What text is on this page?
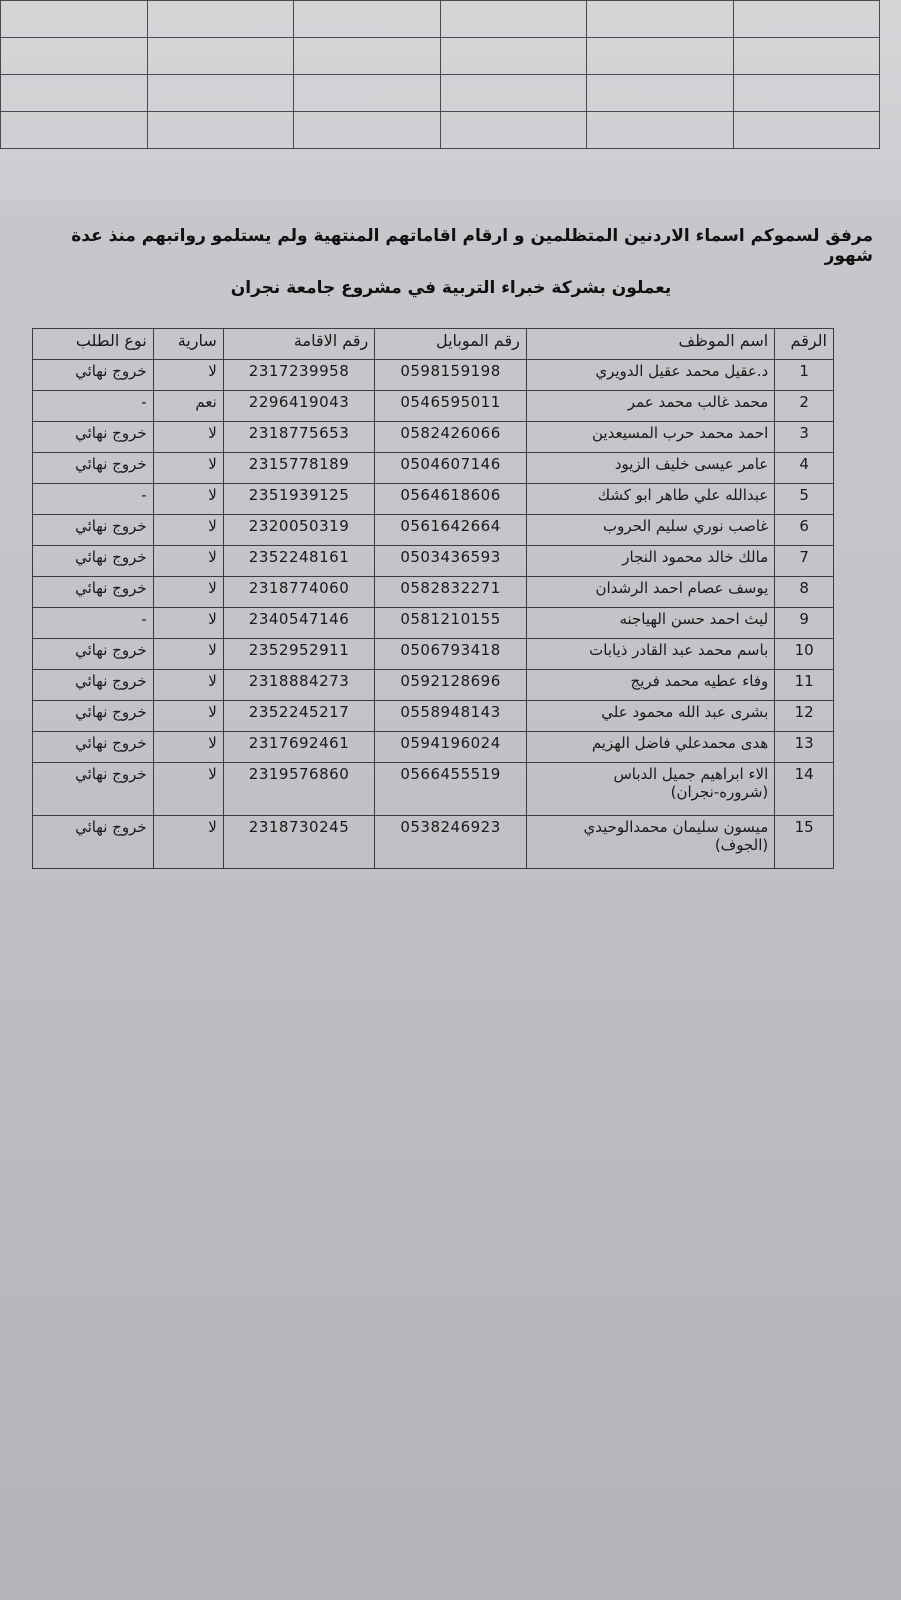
مرفق لسموكم اسماء الاردنين المتظلمين و ارقام اقاماتهم المنتهية ولم يستلمو رواتبهم منذ عدة شهور
يعملون بشركة خبراء التربية في مشروع جامعة نجران
الرقم	اسم الموظف	رقم الموبايل	رقم الاقامة	سارية	نوع الطلب
1	د.عقيل محمد عقيل الدويري	0598159198	2317239958	لا	خروج نهائي
2	محمد غالب محمد عمر	0546595011	2296419043	نعم	-
3	احمد محمد حرب المسيعدين	0582426066	2318775653	لا	خروج نهائي
4	عامر عيسى خليف الزيود	0504607146	2315778189	لا	خروج نهائي
5	عبدالله علي طاهر ابو كشك	0564618606	2351939125	لا	-
6	غاصب نوري سليم الحروب	0561642664	2320050319	لا	خروج نهائي
7	مالك خالد محمود النجار	0503436593	2352248161	لا	خروج نهائي
8	يوسف عصام احمد الرشدان	0582832271	2318774060	لا	خروج نهائي
9	ليث احمد حسن الهياجنه	0581210155	2340547146	لا	-
10	باسم محمد عبد القادر ذيابات	0506793418	2352952911	لا	خروج نهائي
11	وفاء عطيه محمد فريج	0592128696	2318884273	لا	خروج نهائي
12	بشرى عبد الله محمود علي	0558948143	2352245217	لا	خروج نهائي
13	هدى محمدعلي فاضل الهزيم	0594196024	2317692461	لا	خروج نهائي
14	الاء ابراهيم جميل الدباس
(شروره-نجران)	0566455519	2319576860	لا	خروج نهائي
15	ميسون سليمان محمدالوحيدي
(الجوف)	0538246923	2318730245	لا	خروج نهائي
